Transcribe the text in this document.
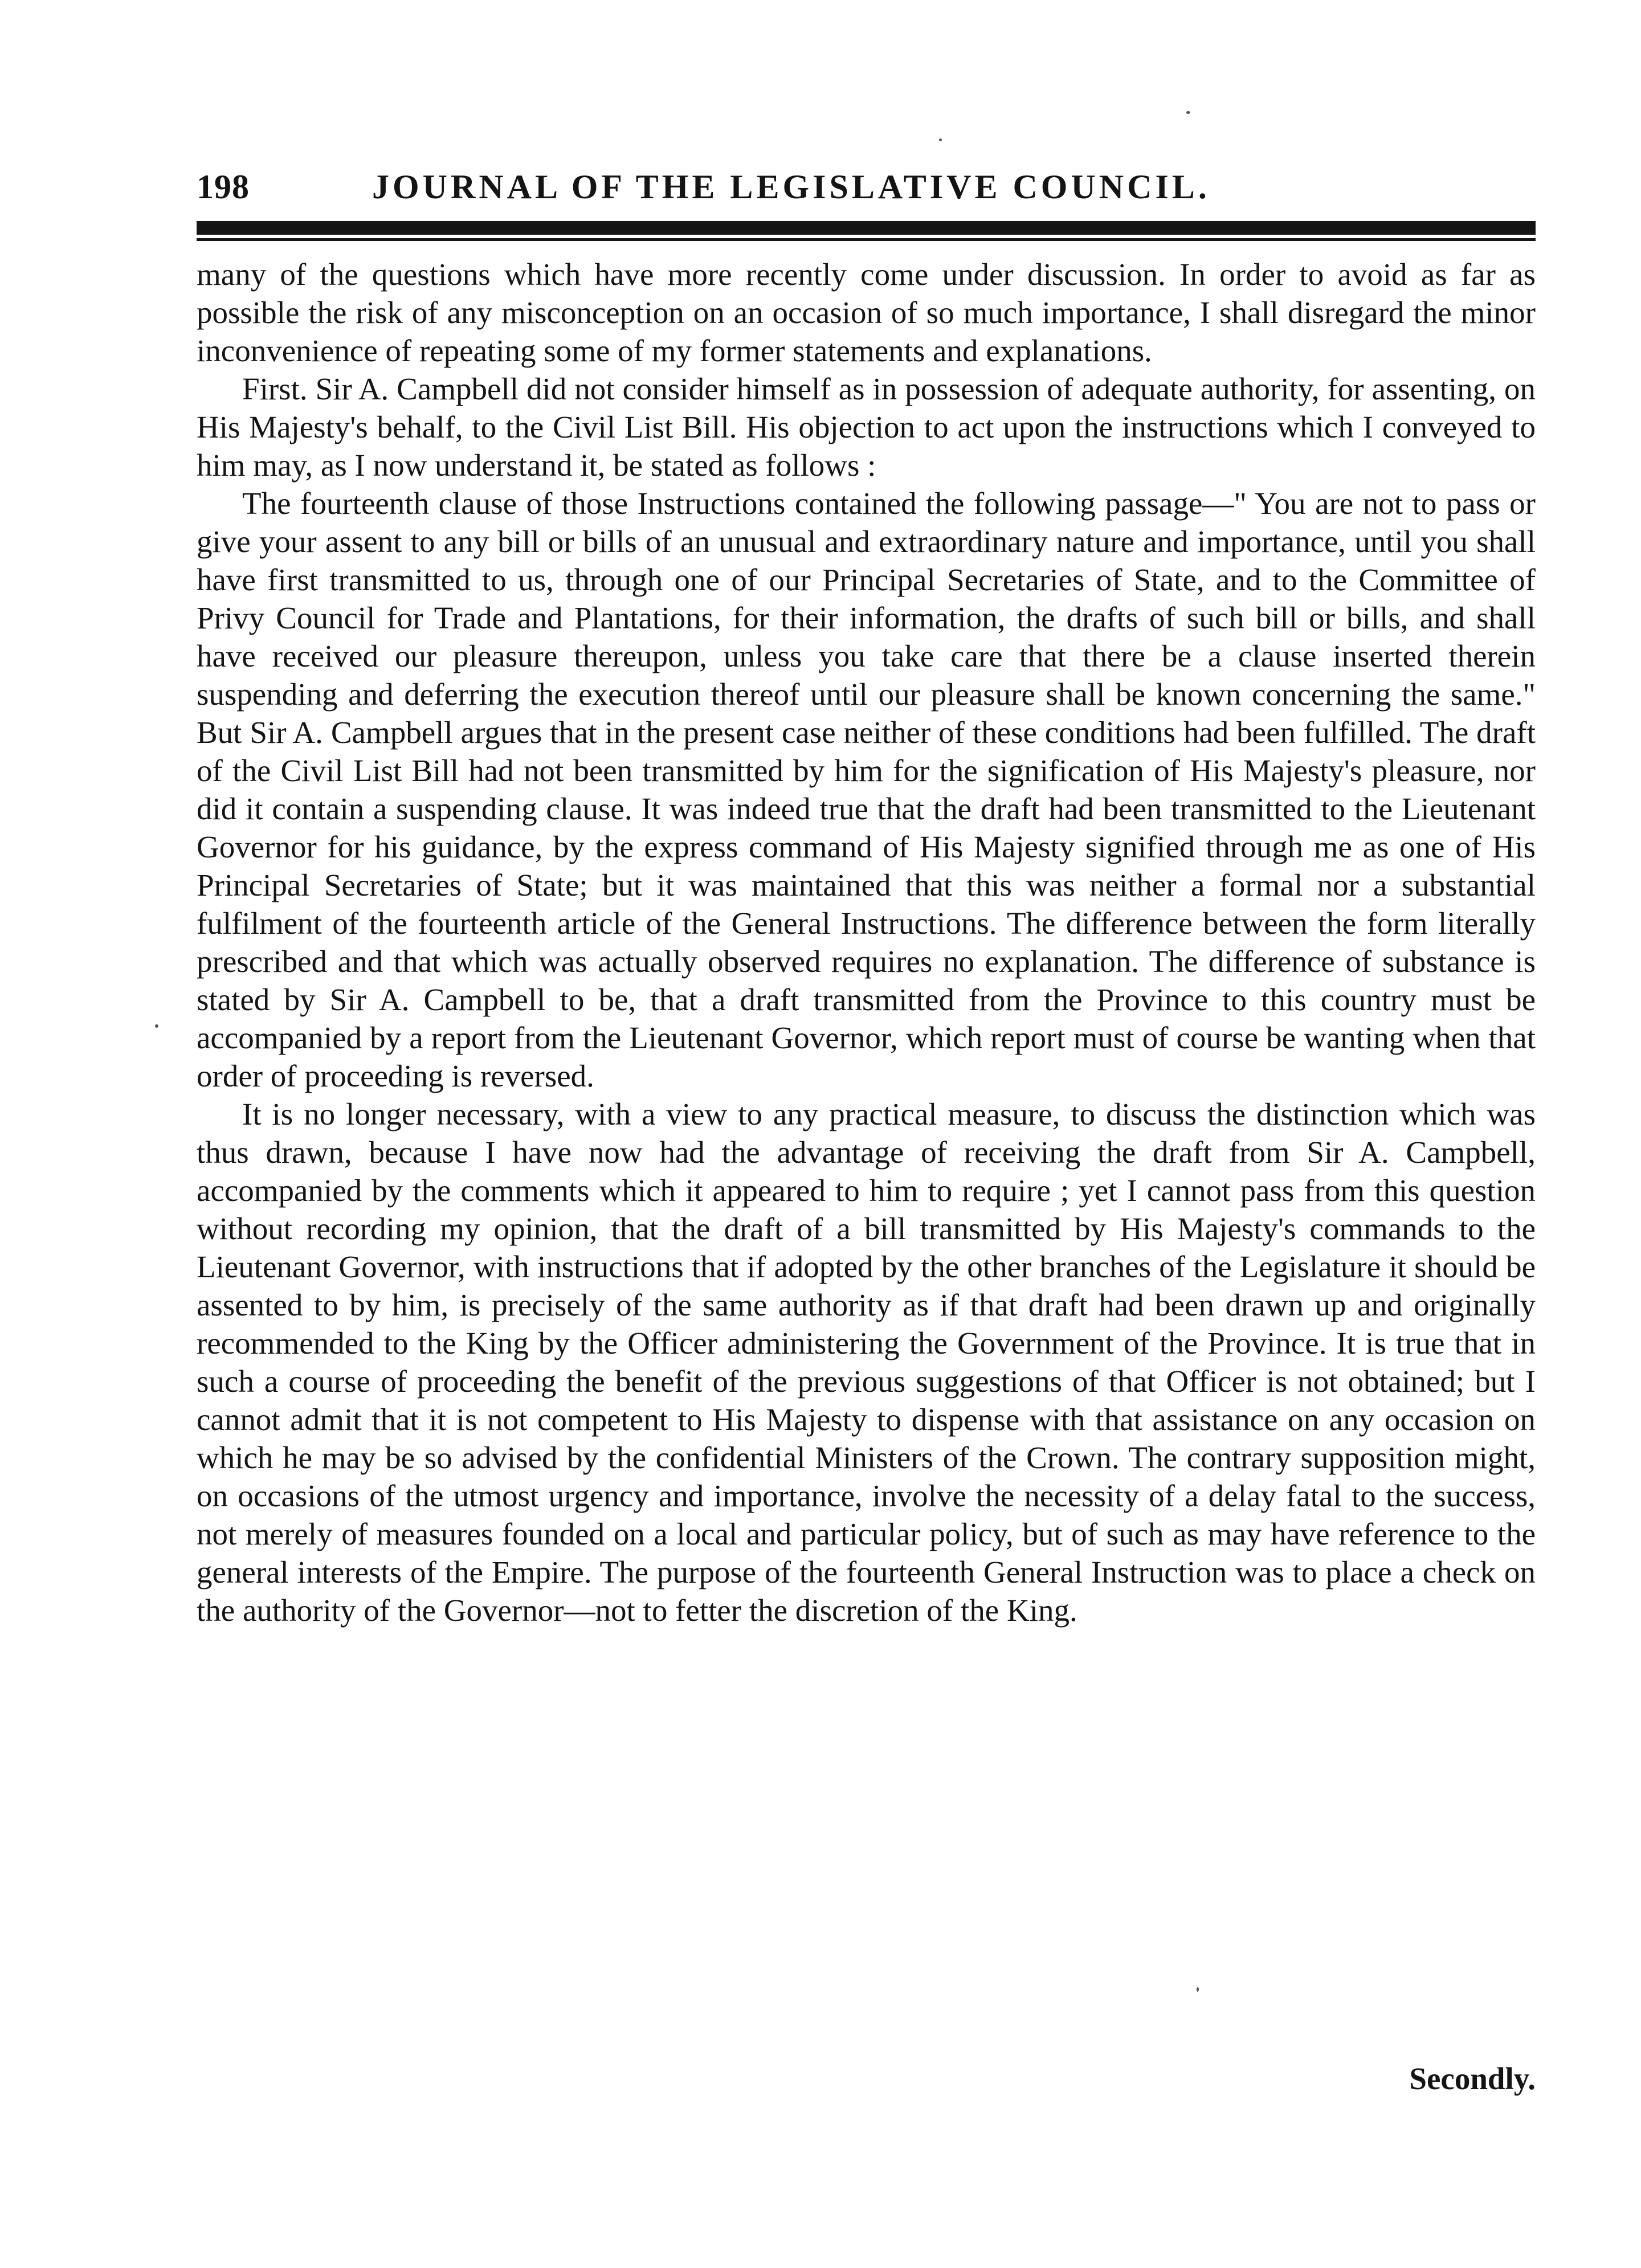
198	JOURNAL OF THE LEGISLATIVE COUNCIL.

many of the questions which have more recently come under discussion. In order to avoid as far as possible the risk of any misconception on an occasion of so much importance, I shall disregard the minor inconvenience of repeating some of my former statements and explanations.

First. Sir A. Campbell did not consider himself as in possession of adequate authority, for assenting, on His Majesty's behalf, to the Civil List Bill. His objection to act upon the instructions which I conveyed to him may, as I now understand it, be stated as follows :

The fourteenth clause of those Instructions contained the following passage—" You are not to pass or give your assent to any bill or bills of an unusual and extraordinary nature and importance, until you shall have first transmitted to us, through one of our Principal Secretaries of State, and to the Committee of Privy Council for Trade and Plantations, for their information, the drafts of such bill or bills, and shall have received our pleasure thereupon, unless you take care that there be a clause inserted therein suspending and deferring the execution thereof until our pleasure shall be known concerning the same." But Sir A. Campbell argues that in the present case neither of these conditions had been fulfilled. The draft of the Civil List Bill had not been transmitted by him for the signification of His Majesty's pleasure, nor did it contain a suspending clause. It was indeed true that the draft had been transmitted to the Lieutenant Governor for his guidance, by the express command of His Majesty signified through me as one of His Principal Secretaries of State; but it was maintained that this was neither a formal nor a substantial fulfilment of the fourteenth article of the General Instructions. The difference between the form literally prescribed and that which was actually observed requires no explanation. The difference of substance is stated by Sir A. Campbell to be, that a draft transmitted from the Province to this country must be accompanied by a report from the Lieutenant Governor, which report must of course be wanting when that order of proceeding is reversed.

It is no longer necessary, with a view to any practical measure, to discuss the distinction which was thus drawn, because I have now had the advantage of receiving the draft from Sir A. Campbell, accompanied by the comments which it appeared to him to require ; yet I cannot pass from this question without recording my opinion, that the draft of a bill transmitted by His Majesty's commands to the Lieutenant Governor, with instructions that if adopted by the other branches of the Legislature it should be assented to by him, is precisely of the same authority as if that draft had been drawn up and originally recommended to the King by the Officer administering the Government of the Province. It is true that in such a course of proceeding the benefit of the previous suggestions of that Officer is not obtained; but I cannot admit that it is not competent to His Majesty to dispense with that assistance on any occasion on which he may be so advised by the confidential Ministers of the Crown. The contrary supposition might, on occasions of the utmost urgency and importance, involve the necessity of a delay fatal to the success, not merely of measures founded on a local and particular policy, but of such as may have reference to the general interests of the Empire. The purpose of the fourteenth General Instruction was to place a check on the authority of the Governor—not to fetter the discretion of the King.

Secondly.
